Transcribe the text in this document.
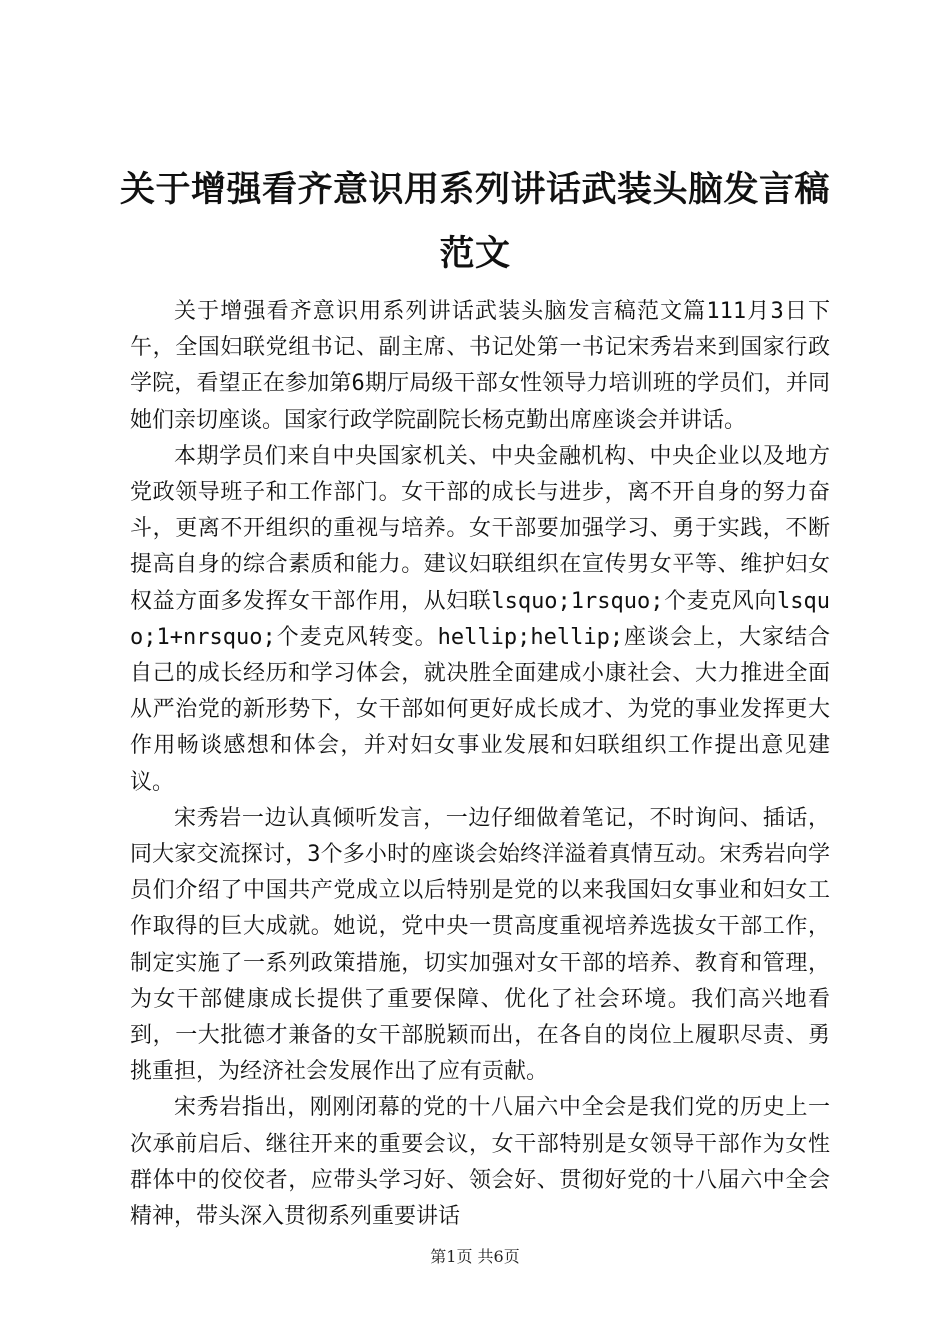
关于增强看齐意识用系列讲话武装头脑发言稿
范文

关于增强看齐意识用系列讲话武装头脑发言稿范文篇111月3日下午，全国妇联党组书记、副主席、书记处第一书记宋秀岩来到国家行政学院，看望正在参加第6期厅局级干部女性领导力培训班的学员们，并同她们亲切座谈。国家行政学院副院长杨克勤出席座谈会并讲话。

本期学员们来自中央国家机关、中央金融机构、中央企业以及地方党政领导班子和工作部门。女干部的成长与进步，离不开自身的努力奋斗，更离不开组织的重视与培养。女干部要加强学习、勇于实践，不断提高自身的综合素质和能力。建议妇联组织在宣传男女平等、维护妇女权益方面多发挥女干部作用，从妇联lsquo;1rsquo;个麦克风向lsquo;1+nrsquo;个麦克风转变。hellip;hellip;座谈会上，大家结合自己的成长经历和学习体会，就决胜全面建成小康社会、大力推进全面从严治党的新形势下，女干部如何更好成长成才、为党的事业发挥更大作用畅谈感想和体会，并对妇女事业发展和妇联组织工作提出意见建议。

宋秀岩一边认真倾听发言，一边仔细做着笔记，不时询问、插话，同大家交流探讨，3个多小时的座谈会始终洋溢着真情互动。宋秀岩向学员们介绍了中国共产党成立以后特别是党的以来我国妇女事业和妇女工作取得的巨大成就。她说，党中央一贯高度重视培养选拔女干部工作，制定实施了一系列政策措施，切实加强对女干部的培养、教育和管理，为女干部健康成长提供了重要保障、优化了社会环境。我们高兴地看到，一大批德才兼备的女干部脱颖而出，在各自的岗位上履职尽责、勇挑重担，为经济社会发展作出了应有贡献。

宋秀岩指出，刚刚闭幕的党的十八届六中全会是我们党的历史上一次承前启后、继往开来的重要会议，女干部特别是女领导干部作为女性群体中的佼佼者，应带头学习好、领会好、贯彻好党的十八届六中全会精神，带头深入贯彻系列重要讲话

第1页 共6页
